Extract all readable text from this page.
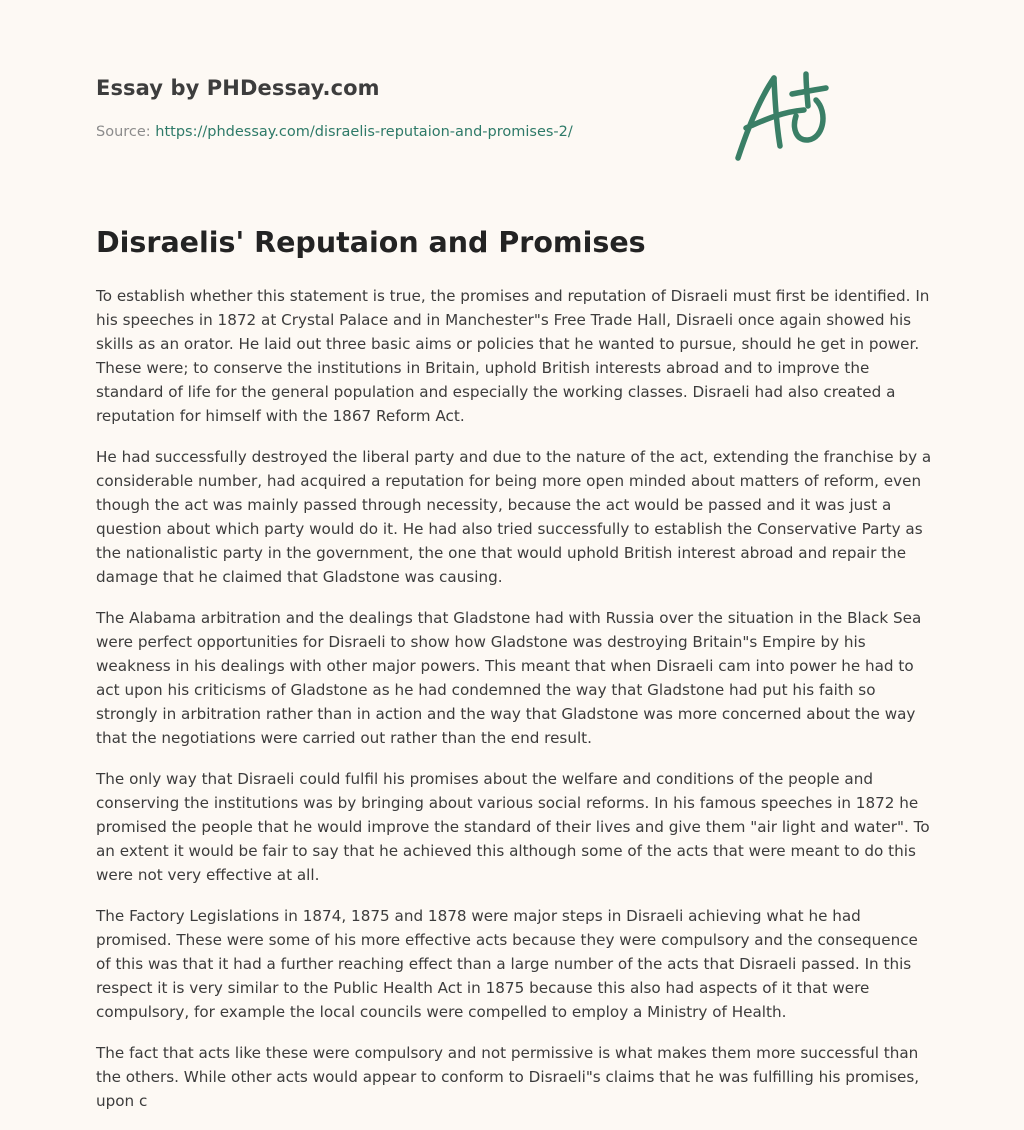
Essay by PHDessay.com
Source: https://phdessay.com/disraelis-reputaion-and-promises-2/
Disraelis' Reputaion and Promises

To establish whether this statement is true, the promises and reputation of Disraeli must first be identified. In his speeches in 1872 at Crystal Palace and in Manchester"s Free Trade Hall, Disraeli once again showed his skills as an orator. He laid out three basic aims or policies that he wanted to pursue, should he get in power. These were; to conserve the institutions in Britain, uphold British interests abroad and to improve the standard of life for the general population and especially the working classes. Disraeli had also created a reputation for himself with the 1867 Reform Act.

He had successfully destroyed the liberal party and due to the nature of the act, extending the franchise by a considerable number, had acquired a reputation for being more open minded about matters of reform, even though the act was mainly passed through necessity, because the act would be passed and it was just a question about which party would do it. He had also tried successfully to establish the Conservative Party as the nationalistic party in the government, the one that would uphold British interest abroad and repair the damage that he claimed that Gladstone was causing.

The Alabama arbitration and the dealings that Gladstone had with Russia over the situation in the Black Sea were perfect opportunities for Disraeli to show how Gladstone was destroying Britain"s Empire by his weakness in his dealings with other major powers. This meant that when Disraeli cam into power he had to act upon his criticisms of Gladstone as he had condemned the way that Gladstone had put his faith so strongly in arbitration rather than in action and the way that Gladstone was more concerned about the way that the negotiations were carried out rather than the end result.

The only way that Disraeli could fulfil his promises about the welfare and conditions of the people and conserving the institutions was by bringing about various social reforms. In his famous speeches in 1872 he promised the people that he would improve the standard of their lives and give them "air light and water". To an extent it would be fair to say that he achieved this although some of the acts that were meant to do this were not very effective at all.

The Factory Legislations in 1874, 1875 and 1878 were major steps in Disraeli achieving what he had promised. These were some of his more effective acts because they were compulsory and the consequence of this was that it had a further reaching effect than a large number of the acts that Disraeli passed. In this respect it is very similar to the Public Health Act in 1875 because this also had aspects of it that were compulsory, for example the local councils were compelled to employ a Ministry of Health.

The fact that acts like these were compulsory and not permissive is what makes them more successful than the others. While other acts would appear to conform to Disraeli"s claims that he was fulfilling his promises, upon c
